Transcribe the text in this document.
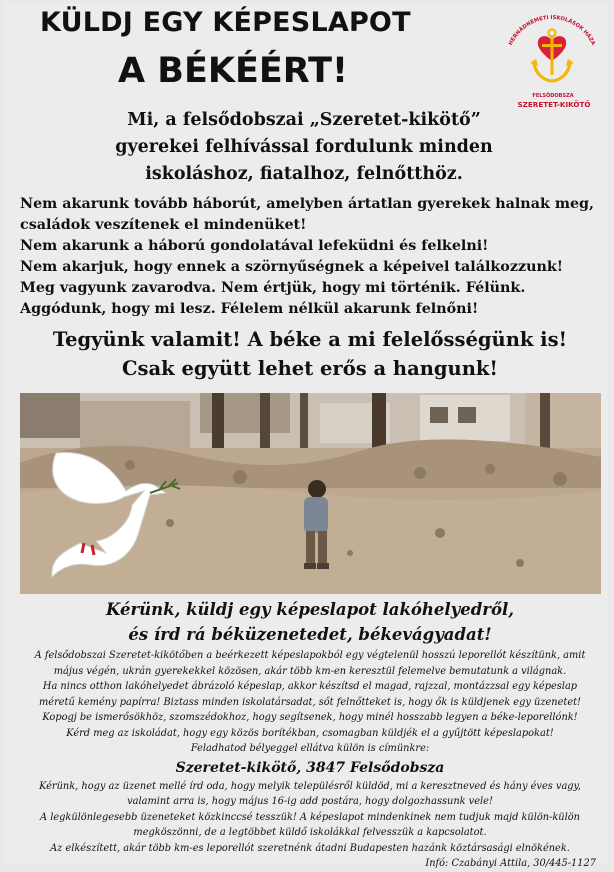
KÜLDJ EGY KÉPESLAPOT
A BÉKÉÉRT!
HERNÁDNÉMETI ISKOLÁSOK HÁZA
FELSŐDOBSZA
SZERETET-KIKÖTŐ
Mi, a felsődobszai „Szeretet-kikötő”
gyerekei felhívással fordulunk minden
iskoláshoz, fiatalhoz, felnőtthöz.
Nem akarunk tovább háborút, amelyben ártatlan gyerekek halnak meg,
családok veszítenek el mindenüket!
Nem akarunk a háború gondolatával lefeküdni és felkelni!
Nem akarjuk, hogy ennek a szörnyűségnek a képeivel találkozzunk!
Meg vagyunk zavarodva. Nem értjük, hogy mi történik. Félünk.
Aggódunk, hogy mi lesz. Félelem nélkül akarunk felnőni!
Tegyünk valamit! A béke a mi felelősségünk is!
Csak együtt lehet erős a hangunk!
Kérünk, küldj egy képeslapot lakóhelyedről,
és írd rá béküzenetedet, békevágyadat!
A felsődobszai Szeretet-kikötőben a beérkezett képeslapokból egy végtelenül hosszú leporellót készítünk, amit
május végén, ukrán gyerekekkel közösen, akár több km-en keresztül felemelve bemutatunk a világnak.
Ha nincs otthon lakóhelyedet ábrázoló képeslap, akkor készítsd el magad, rajzzal, montázzsal egy képeslap
méretű kemény papírra! Biztass minden iskolatársadat, sőt felnőtteket is, hogy ők is küldjenek egy üzenetet!
Kopogj be ismerősökhöz, szomszédokhoz, hogy segítsenek, hogy minél hosszabb legyen a béke-leporellónk!
Kérd meg az iskoládat, hogy egy közös borítékban, csomagban küldjék el a gyűjtött képeslapokat!
Feladhatod bélyeggel ellátva külön is címünkre:
Szeretet-kikötő, 3847 Felsődobsza
Kérünk, hogy az üzenet mellé írd oda, hogy melyik településről küldöd, mi a keresztneved és hány éves vagy,
valamint arra is, hogy május 16-ig add postára, hogy dolgozhassunk vele!
A legkülönlegesebb üzeneteket közkinccsé tesszük! A képeslapot mindenkinek nem tudjuk majd külön-külön
megköszönni, de a legtöbbet küldő iskolákkal felvesszük a kapcsolatot.
Az elkészített, akár több km-es leporellót szeretnénk átadni Budapesten hazánk köztársasági elnökének.
Infó: Czabányi Attila, 30/445-1127
